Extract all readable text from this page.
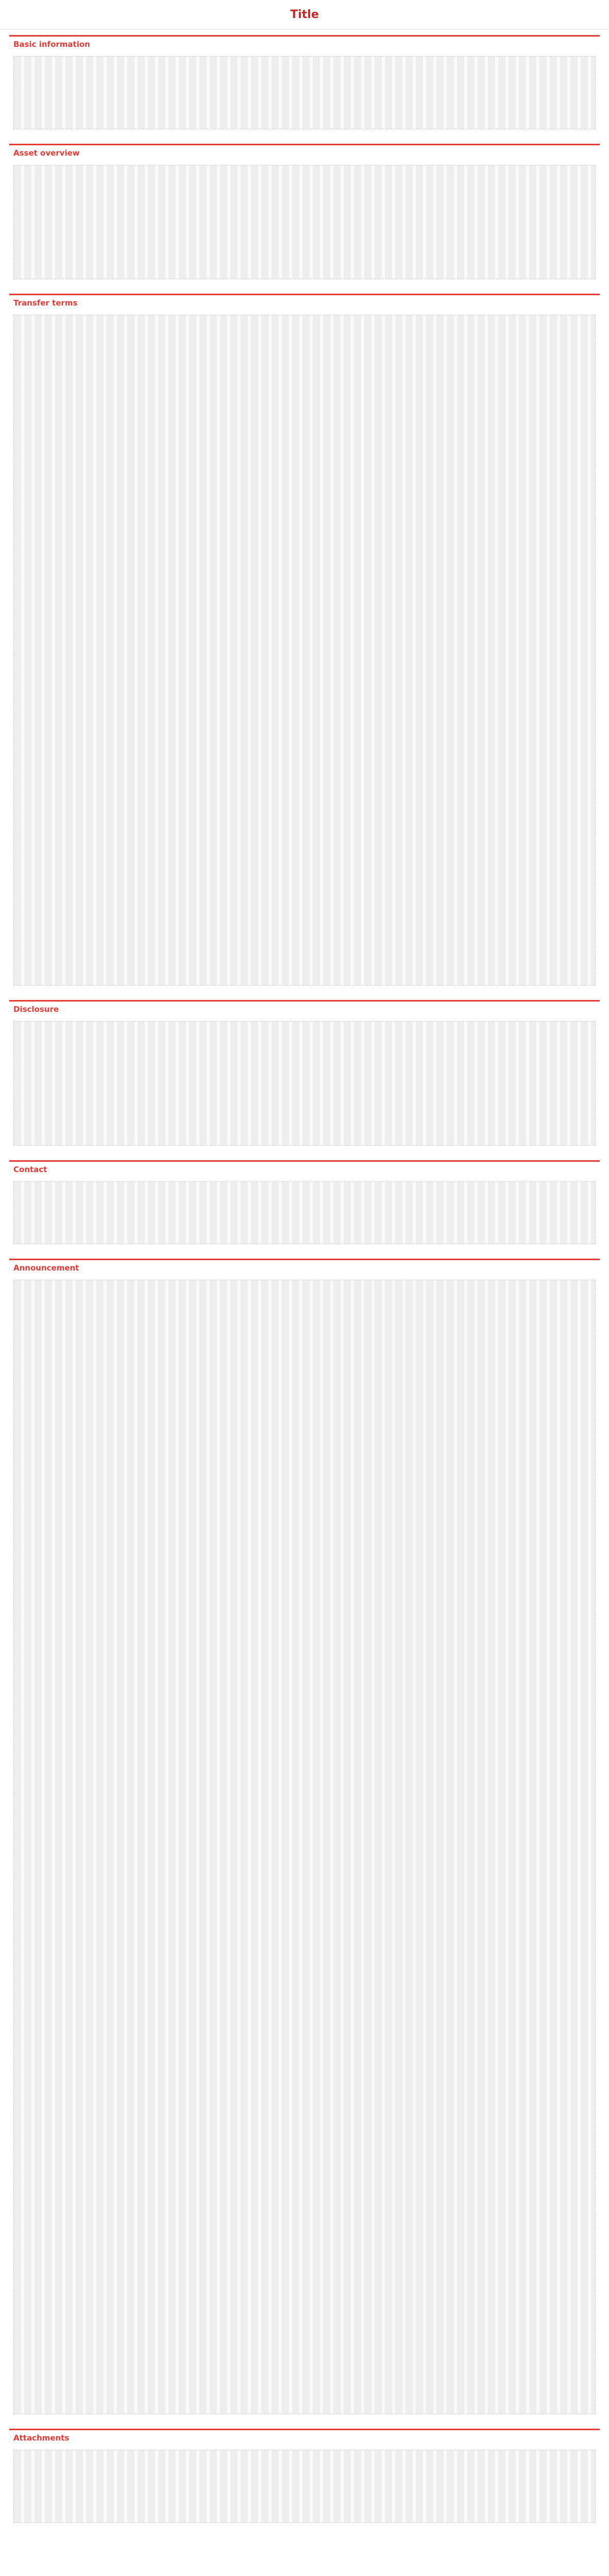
Title
Basic information
Asset overview
Transfer terms
Disclosure
Contact
Announcement
Attachments
